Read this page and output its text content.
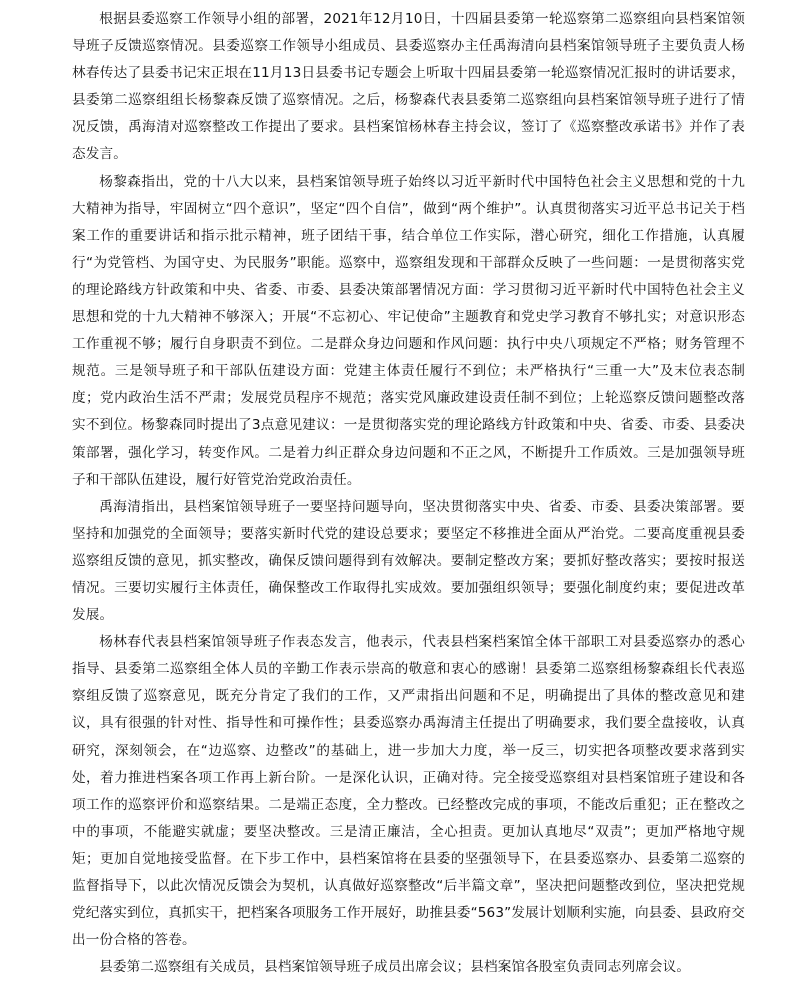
根据县委巡察工作领导小组的部署，2021年12月10日，十四届县委第一轮巡察第二巡察组向县档案馆领导班子反馈巡察情况。县委巡察工作领导小组成员、县委巡察办主任禹海清向县档案馆领导班子主要负责人杨林春传达了县委书记宋正垠在11月13日县委书记专题会上听取十四届县委第一轮巡察情况汇报时的讲话要求，县委第二巡察组组长杨黎森反馈了巡察情况。之后，杨黎森代表县委第二巡察组向县档案馆领导班子进行了情况反馈，禹海清对巡察整改工作提出了要求。县档案馆杨林春主持会议，签订了《巡察整改承诺书》并作了表态发言。

杨黎森指出，党的十八大以来，县档案馆领导班子始终以习近平新时代中国特色社会主义思想和党的十九大精神为指导，牢固树立“四个意识”，坚定“四个自信”，做到“两个维护”。认真贯彻落实习近平总书记关于档案工作的重要讲话和指示批示精神，班子团结干事，结合单位工作实际，潜心研究，细化工作措施，认真履行“为党管档、为国守史、为民服务”职能。巡察中，巡察组发现和干部群众反映了一些问题：一是贯彻落实党的理论路线方针政策和中央、省委、市委、县委决策部署情况方面：学习贯彻习近平新时代中国特色社会主义思想和党的十九大精神不够深入；开展“不忘初心、牢记使命”主题教育和党史学习教育不够扎实；对意识形态工作重视不够；履行自身职责不到位。二是群众身边问题和作风问题：执行中央八项规定不严格；财务管理不规范。三是领导班子和干部队伍建设方面：党建主体责任履行不到位；未严格执行“三重一大”及末位表态制度；党内政治生活不严肃；发展党员程序不规范；落实党风廉政建设责任制不到位；上轮巡察反馈问题整改落实不到位。杨黎森同时提出了3点意见建议：一是贯彻落实党的理论路线方针政策和中央、省委、市委、县委决策部署，强化学习，转变作风。二是着力纠正群众身边问题和不正之风，不断提升工作质效。三是加强领导班子和干部队伍建设，履行好管党治党政治责任。

禹海清指出，县档案馆领导班子一要坚持问题导向，坚决贯彻落实中央、省委、市委、县委决策部署。要坚持和加强党的全面领导；要落实新时代党的建设总要求；要坚定不移推进全面从严治党。二要高度重视县委巡察组反馈的意见，抓实整改，确保反馈问题得到有效解决。要制定整改方案；要抓好整改落实；要按时报送情况。三要切实履行主体责任，确保整改工作取得扎实成效。要加强组织领导；要强化制度约束；要促进改革发展。

杨林春代表县档案馆领导班子作表态发言，他表示，代表县档案档案馆全体干部职工对县委巡察办的悉心指导、县委第二巡察组全体人员的辛勤工作表示崇高的敬意和衷心的感谢！县委第二巡察组杨黎森组长代表巡察组反馈了巡察意见，既充分肯定了我们的工作，又严肃指出问题和不足，明确提出了具体的整改意见和建议，具有很强的针对性、指导性和可操作性；县委巡察办禹海清主任提出了明确要求，我们要全盘接收，认真研究，深刻领会，在“边巡察、边整改”的基础上，进一步加大力度，举一反三，切实把各项整改要求落到实处，着力推进档案各项工作再上新台阶。一是深化认识，正确对待。完全接受巡察组对县档案馆班子建设和各项工作的巡察评价和巡察结果。二是端正态度，全力整改。已经整改完成的事项，不能改后重犯；正在整改之中的事项，不能避实就虚；要坚决整改。三是清正廉洁，全心担责。更加认真地尽“双责”；更加严格地守规矩；更加自觉地接受监督。在下步工作中，县档案馆将在县委的坚强领导下，在县委巡察办、县委第二巡察的监督指导下，以此次情况反馈会为契机，认真做好巡察整改“后半篇文章”，坚决把问题整改到位，坚决把党规党纪落实到位，真抓实干，把档案各项服务工作开展好，助推县委“563”发展计划顺利实施，向县委、县政府交出一份合格的答卷。

县委第二巡察组有关成员，县档案馆领导班子成员出席会议；县档案馆各股室负责同志列席会议。
